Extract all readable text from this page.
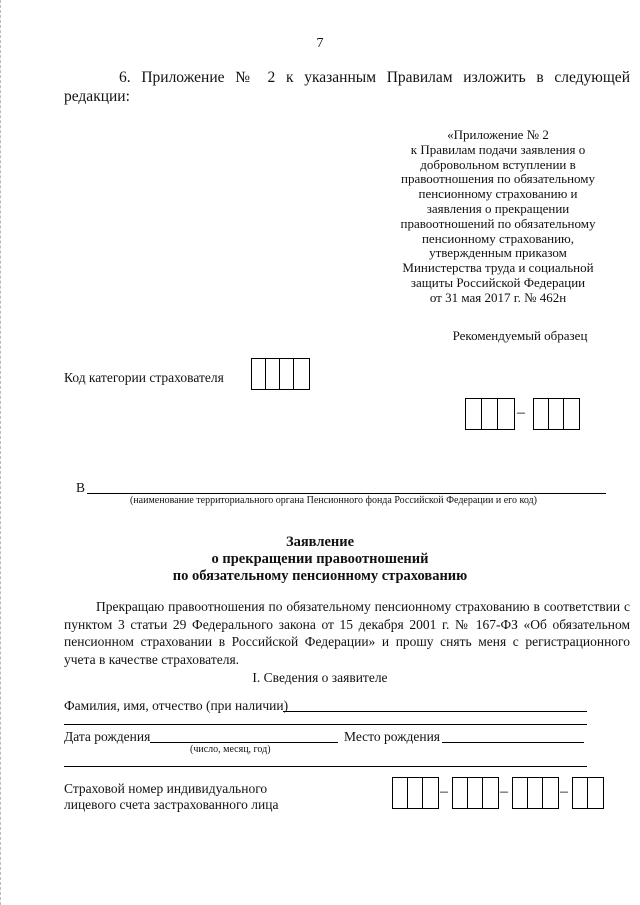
7
6. Приложение № 2 к указанным Правилам изложить в следующей редакции:
«Приложение № 2
к Правилам подачи заявления о
добровольном вступлении в
правоотношения по обязательному
пенсионному страхованию и
заявления о прекращении
правоотношений по обязательному
пенсионному страхованию,
утвержденным приказом
Министерства труда и социальной
защиты Российской Федерации
от 31 мая 2017 г. № 462н
Рекомендуемый образец
Код категории страхователя
–
В
(наименование территориального органа Пенсионного фонда Российской Федерации и его код)
Заявление
о прекращении правоотношений
по обязательному пенсионному страхованию
Прекращаю правоотношения по обязательному пенсионному страхованию в соответствии с пунктом 3 статьи 29 Федерального закона от 15 декабря 2001 г. № 167-ФЗ «Об обязательном пенсионном страховании в Российской Федерации» и прошу снять меня с регистрационного учета в качестве страхователя.
I. Сведения о заявителе
Фамилия, имя, отчество (при наличии)
Дата рождения
(число, месяц, год)
Место рождения
Страховой номер индивидуального
лицевого счета застрахованного лица
–	–	–
